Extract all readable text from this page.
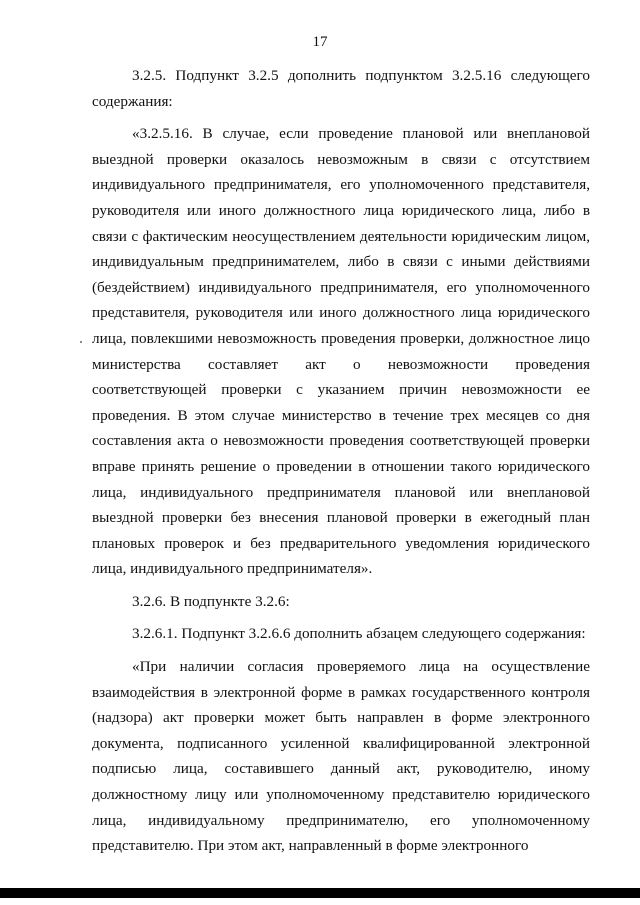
17

3.2.5. Подпункт 3.2.5 дополнить подпунктом 3.2.5.16 следующего содержания:

«3.2.5.16. В случае, если проведение плановой или внеплановой выездной проверки оказалось невозможным в связи с отсутствием индивидуального предпринимателя, его уполномоченного представителя, руководителя или иного должностного лица юридического лица, либо в связи с фактическим неосуществлением деятельности юридическим лицом, индивидуальным предпринимателем, либо в связи с иными действиями (бездействием) индивидуального предпринимателя, его уполномоченного представителя, руководителя или иного должностного лица юридического лица, повлекшими невозможность проведения проверки, должностное лицо министерства составляет акт о невозможности проведения соответствующей проверки с указанием причин невозможности ее проведения. В этом случае министерство в течение трех месяцев со дня составления акта о невозможности проведения соответствующей проверки вправе принять решение о проведении в отношении такого юридического лица, индивидуального предпринимателя плановой или внеплановой выездной проверки без внесения плановой проверки в ежегодный план плановых проверок и без предварительного уведомления юридического лица, индивидуального предпринимателя».

3.2.6. В подпункте 3.2.6:

3.2.6.1. Подпункт 3.2.6.6 дополнить абзацем следующего содержания:

«При наличии согласия проверяемого лица на осуществление взаимодействия в электронной форме в рамках государственного контроля (надзора) акт проверки может быть направлен в форме электронного документа, подписанного усиленной квалифицированной электронной подписью лица, составившего данный акт, руководителю, иному должностному лицу или уполномоченному представителю юридического лица, индивидуальному предпринимателю, его уполномоченному представителю. При этом акт, направленный в форме электронного
